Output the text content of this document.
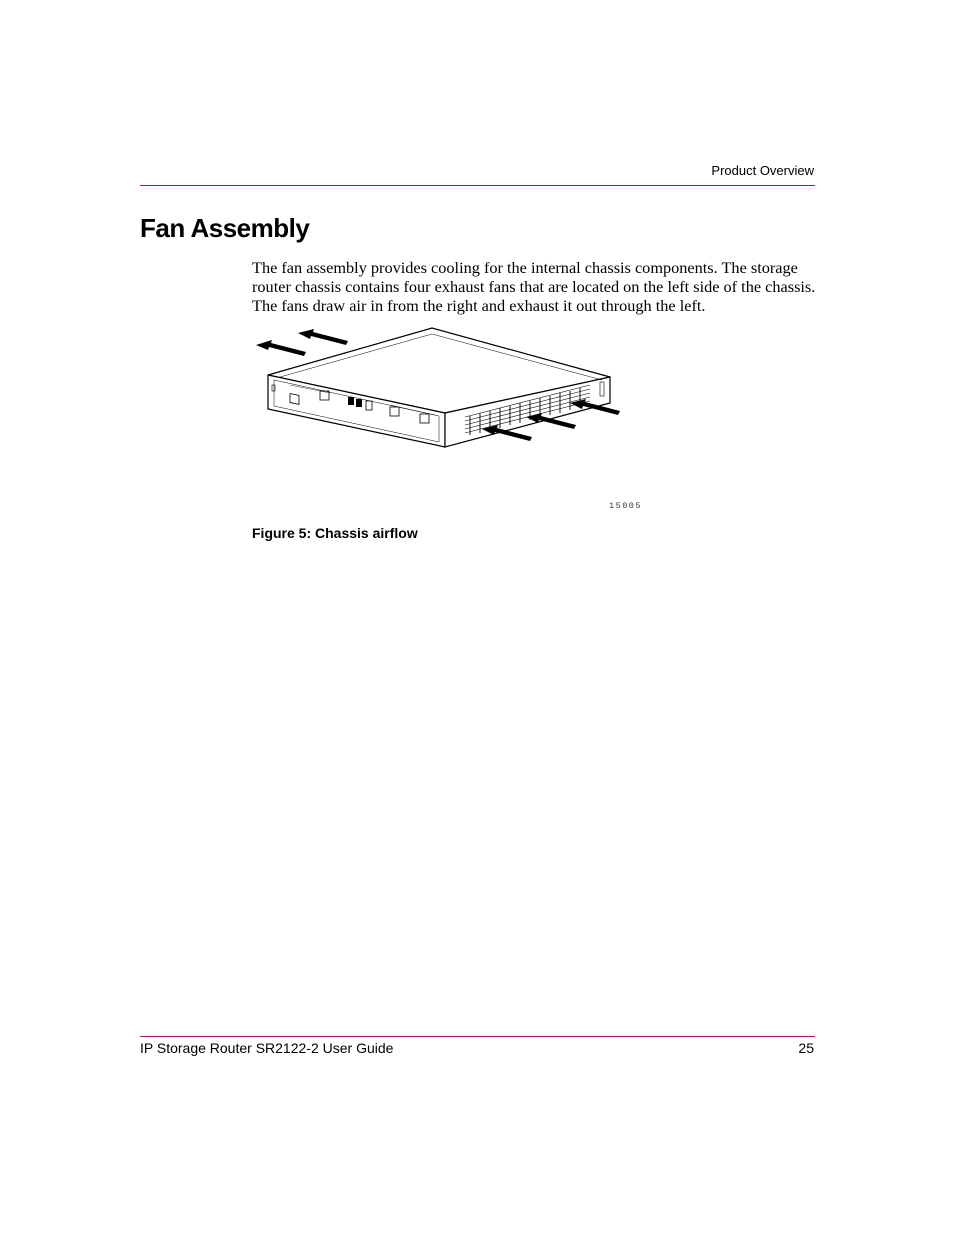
Product Overview
Fan Assembly

The fan assembly provides cooling for the internal chassis components. The storage router chassis contains four exhaust fans that are located on the left side of the chassis. The fans draw air in from the right and exhaust it out through the left.

15005
Figure 5: Chassis airflow
IP Storage Router SR2122-2 User Guide	25
